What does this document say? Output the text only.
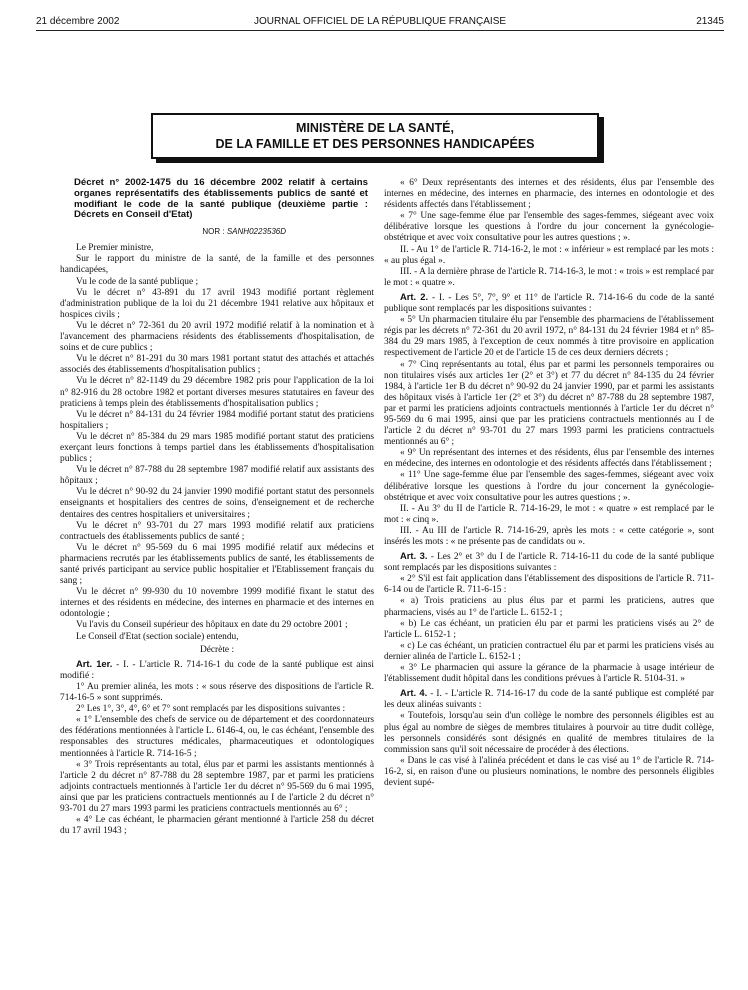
21 décembre 2002	JOURNAL OFFICIEL DE LA RÉPUBLIQUE FRANÇAISE	21345
MINISTÈRE DE LA SANTÉ,
DE LA FAMILLE ET DES PERSONNES HANDICAPÉES

Décret n° 2002-1475 du 16 décembre 2002 relatif à certains organes représentatifs des établissements publics de santé et modifiant le code de la santé publique (deuxième partie : Décrets en Conseil d'Etat)

NOR : SANH0223536D

Le Premier ministre,

Sur le rapport du ministre de la santé, de la famille et des personnes handicapées,

Vu le code de la santé publique ;

Vu le décret n° 43-891 du 17 avril 1943 modifié portant règlement d'administration publique de la loi du 21 décembre 1941 relative aux hôpitaux et hospices civils ;

Vu le décret n° 72-361 du 20 avril 1972 modifié relatif à la nomination et à l'avancement des pharmaciens résidents des établissements d'hospitalisation, de soins et de cure publics ;

Vu le décret n° 81-291 du 30 mars 1981 portant statut des attachés et attachés associés des établissements d'hospitalisation publics ;

Vu le décret n° 82-1149 du 29 décembre 1982 pris pour l'application de la loi n° 82-916 du 28 octobre 1982 et portant diverses mesures statutaires en faveur des praticiens à temps plein des établissements d'hospitalisation publics ;

Vu le décret n° 84-131 du 24 février 1984 modifié portant statut des praticiens hospitaliers ;

Vu le décret n° 85-384 du 29 mars 1985 modifié portant statut des praticiens exerçant leurs fonctions à temps partiel dans les établissements d'hospitalisation publics ;

Vu le décret n° 87-788 du 28 septembre 1987 modifié relatif aux assistants des hôpitaux ;

Vu le décret n° 90-92 du 24 janvier 1990 modifié portant statut des personnels enseignants et hospitaliers des centres de soins, d'enseignement et de recherche dentaires des centres hospitaliers et universitaires ;

Vu le décret n° 93-701 du 27 mars 1993 modifié relatif aux praticiens contractuels des établissements publics de santé ;

Vu le décret n° 95-569 du 6 mai 1995 modifié relatif aux médecins et pharmaciens recrutés par les établissements publics de santé, les établissements de santé privés participant au service public hospitalier et l'Etablissement français du sang ;

Vu le décret n° 99-930 du 10 novembre 1999 modifié fixant le statut des internes et des résidents en médecine, des internes en pharmacie et des internes en odontologie ;

Vu l'avis du Conseil supérieur des hôpitaux en date du 29 octobre 2001 ;

Le Conseil d'Etat (section sociale) entendu,

Décrète :

Art. 1er. - I. - L'article R. 714-16-1 du code de la santé publique est ainsi modifié :

1° Au premier alinéa, les mots : « sous réserve des dispositions de l'article R. 714-16-5 » sont supprimés.

2° Les 1°, 3°, 4°, 6° et 7° sont remplacés par les dispositions suivantes :

« 1° L'ensemble des chefs de service ou de département et des coordonnateurs des fédérations mentionnées à l'article L. 6146-4, ou, le cas échéant, l'ensemble des responsables des structures médicales, pharmaceutiques et odontologiques mentionnées à l'article R. 714-16-5 ;

« 3° Trois représentants au total, élus par et parmi les assistants mentionnés à l'article 2 du décret n° 87-788 du 28 septembre 1987, par et parmi les praticiens adjoints contractuels mentionnés à l'article 1er du décret n° 95-569 du 6 mai 1995, ainsi que par les praticiens contractuels mentionnés au I de l'article 2 du décret n° 93-701 du 27 mars 1993 parmi les praticiens contractuels mentionnés au 6° ;

« 4° Le cas échéant, le pharmacien gérant mentionné à l'article 258 du décret du 17 avril 1943 ;

« 6° Deux représentants des internes et des résidents, élus par l'ensemble des internes en médecine, des internes en pharmacie, des internes en odontologie et des résidents affectés dans l'établissement ;

« 7° Une sage-femme élue par l'ensemble des sages-femmes, siégeant avec voix délibérative lorsque les questions à l'ordre du jour concernent la gynécologie-obstétrique et avec voix consultative pour les autres questions ; ».

II. - Au 1° de l'article R. 714-16-2, le mot : « inférieur » est remplacé par les mots : « au plus égal ».

III. - A la dernière phrase de l'article R. 714-16-3, le mot : « trois » est remplacé par le mot : « quatre ».

Art. 2. - I. - Les 5°, 7°, 9° et 11° de l'article R. 714-16-6 du code de la santé publique sont remplacés par les dispositions suivantes :

« 5° Un pharmacien titulaire élu par l'ensemble des pharmaciens de l'établissement régis par les décrets n° 72-361 du 20 avril 1972, n° 84-131 du 24 février 1984 et n° 85-384 du 29 mars 1985, à l'exception de ceux nommés à titre provisoire en application respectivement de l'article 20 et de l'article 15 de ces deux derniers décrets ;

« 7° Cinq représentants au total, élus par et parmi les personnels temporaires ou non titulaires visés aux articles 1er (2° et 3°) et 77 du décret n° 84-135 du 24 février 1984, à l'article 1er B du décret n° 90-92 du 24 janvier 1990, par et parmi les assistants des hôpitaux visés à l'article 1er (2° et 3°) du décret n° 87-788 du 28 septembre 1987, par et parmi les praticiens adjoints contractuels mentionnés à l'article 1er du décret n° 95-569 du 6 mai 1995, ainsi que par les praticiens contractuels mentionnés au I de l'article 2 du décret n° 93-701 du 27 mars 1993 parmi les praticiens contractuels mentionnés au 6° ;

« 9° Un représentant des internes et des résidents, élus par l'ensemble des internes en médecine, des internes en odontologie et des résidents affectés dans l'établissement ;

« 11° Une sage-femme élue par l'ensemble des sages-femmes, siégeant avec voix délibérative lorsque les questions à l'ordre du jour concernent la gynécologie-obstétrique et avec voix consultative pour les autres questions ; ».

II. - Au 3° du II de l'article R. 714-16-29, le mot : « quatre » est remplacé par le mot : « cinq ».

III. - Au III de l'article R. 714-16-29, après les mots : « cette catégorie », sont insérés les mots : « ne présente pas de candidats ou ».

Art. 3. - Les 2° et 3° du I de l'article R. 714-16-11 du code de la santé publique sont remplacés par les dispositions suivantes :

« 2° S'il est fait application dans l'établissement des dispositions de l'article R. 711-6-14 ou de l'article R. 711-6-15 :

« a) Trois praticiens au plus élus par et parmi les praticiens, autres que pharmaciens, visés au 1° de l'article L. 6152-1 ;

« b) Le cas échéant, un praticien élu par et parmi les praticiens visés au 2° de l'article L. 6152-1 ;

« c) Le cas échéant, un praticien contractuel élu par et parmi les praticiens visés au dernier alinéa de l'article L. 6152-1 ;

« 3° Le pharmacien qui assure la gérance de la pharmacie à usage intérieur de l'établissement dudit hôpital dans les conditions prévues à l'article R. 5104-31. »

Art. 4. - I. - L'article R. 714-16-17 du code de la santé publique est complété par les deux alinéas suivants :

« Toutefois, lorsqu'au sein d'un collège le nombre des personnels éligibles est au plus égal au nombre de sièges de membres titulaires à pourvoir au titre dudit collège, les personnels considérés sont désignés en qualité de membres titulaires de la commission sans qu'il soit nécessaire de procéder à des élections.

« Dans le cas visé à l'alinéa précédent et dans le cas visé au 1° de l'article R. 714-16-2, si, en raison d'une ou plusieurs nominations, le nombre des personnels éligibles devient supé-
